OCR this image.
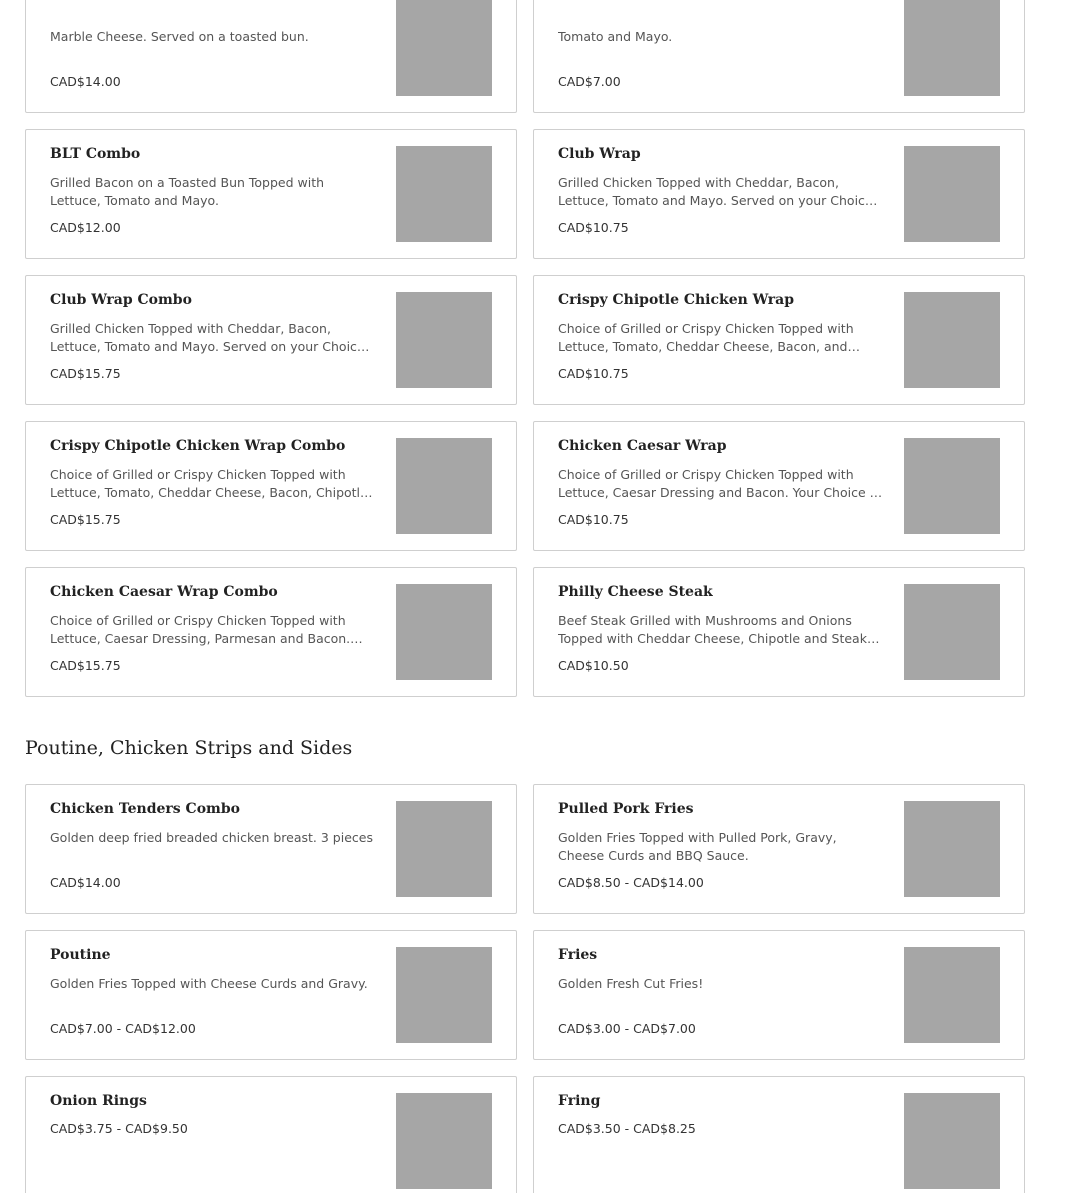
Marble Cheese. Served on a toasted bun.
CAD$14.00
Tomato and Mayo.
CAD$7.00
BLT Combo
Grilled Bacon on a Toasted Bun Topped with Lettuce, Tomato and Mayo.
CAD$12.00
Club Wrap
Grilled Chicken Topped with Cheddar, Bacon, Lettuce, Tomato and Mayo. Served on your Choice
CAD$10.75
Club Wrap Combo
Grilled Chicken Topped with Cheddar, Bacon, Lettuce, Tomato and Mayo. Served on your Choice
CAD$15.75
Crispy Chipotle Chicken Wrap
Choice of Grilled or Crispy Chicken Topped with Lettuce, Tomato, Cheddar Cheese, Bacon, and
CAD$10.75
Crispy Chipotle Chicken Wrap Combo
Choice of Grilled or Crispy Chicken Topped with Lettuce, Tomato, Cheddar Cheese, Bacon, Chipotle
CAD$15.75
Chicken Caesar Wrap
Choice of Grilled or Crispy Chicken Topped with Lettuce, Caesar Dressing and Bacon. Your Choice of
CAD$10.75
Chicken Caesar Wrap Combo
Choice of Grilled or Crispy Chicken Topped with Lettuce, Caesar Dressing, Parmesan and Bacon.
CAD$15.75
Philly Cheese Steak
Beef Steak Grilled with Mushrooms and Onions Topped with Cheddar Cheese, Chipotle and Steak
CAD$10.50
Poutine, Chicken Strips and Sides
Chicken Tenders Combo
Golden deep fried breaded chicken breast. 3 pieces
CAD$14.00
Pulled Pork Fries
Golden Fries Topped with Pulled Pork, Gravy, Cheese Curds and BBQ Sauce.
CAD$8.50 - CAD$14.00
Poutine
Golden Fries Topped with Cheese Curds and Gravy.
CAD$7.00 - CAD$12.00
Fries
Golden Fresh Cut Fries!
CAD$3.00 - CAD$7.00
Onion Rings
CAD$3.75 - CAD$9.50
Fring
CAD$3.50 - CAD$8.25
